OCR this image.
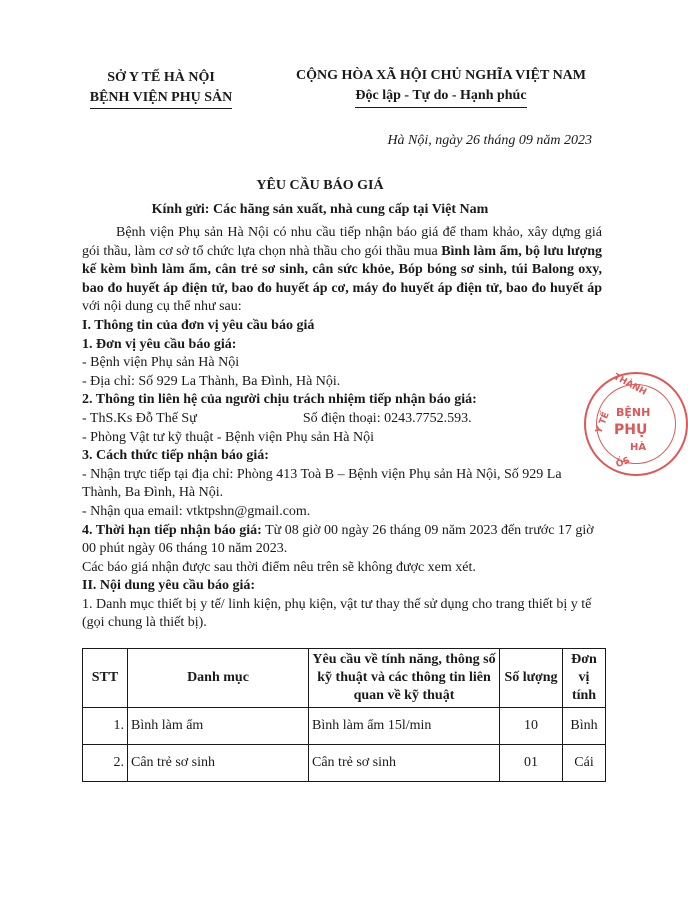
SỞ Y TẾ HÀ NỘI
BỆNH VIỆN PHỤ SẢN
CỘNG HÒA XÃ HỘI CHỦ NGHĨA VIỆT NAM
Độc lập - Tự do - Hạnh phúc
Hà Nội, ngày 26 tháng 09 năm 2023
YÊU CẦU BÁO GIÁ
Kính gửi: Các hãng sản xuất, nhà cung cấp tại Việt Nam

Bệnh viện Phụ sản Hà Nội có nhu cầu tiếp nhận báo giá để tham khảo, xây dựng giá gói thầu, làm cơ sở tổ chức lựa chọn nhà thầu cho gói thầu mua Bình làm ẩm, bộ lưu lượng kế kèm bình làm ẩm, cân trẻ sơ sinh, cân sức khỏe, Bóp bóng sơ sinh, túi Balong oxy, bao đo huyết áp điện tử, bao đo huyết áp cơ, máy đo huyết áp điện tử, bao đo huyết áp với nội dung cụ thể như sau:

I. Thông tin của đơn vị yêu cầu báo giá

1. Đơn vị yêu cầu báo giá:

- Bệnh viện Phụ sản Hà Nội

- Địa chỉ: Số 929 La Thành, Ba Đình, Hà Nội.

2. Thông tin liên hệ của người chịu trách nhiệm tiếp nhận báo giá:

- ThS.Ks Đỗ Thế Sự	Số điện thoại: 0243.7752.593.

- Phòng Vật tư kỹ thuật - Bệnh viện Phụ sản Hà Nội

3. Cách thức tiếp nhận báo giá:

- Nhận trực tiếp tại địa chỉ: Phòng 413 Toà B – Bệnh viện Phụ sản Hà Nội, Số 929 La Thành, Ba Đình, Hà Nội.

- Nhận qua email: vtktpshn@gmail.com.

4. Thời hạn tiếp nhận báo giá: Từ 08 giờ 00 ngày 26 tháng 09 năm 2023 đến trước 17 giờ 00 phút ngày 06 tháng 10 năm 2023.

Các báo giá nhận được sau thời điểm nêu trên sẽ không được xem xét.

II. Nội dung yêu cầu báo giá:

1. Danh mục thiết bị y tế/ linh kiện, phụ kiện, vật tư thay thế sử dụng cho trang thiết bị y tế (gọi chung là thiết bị).

STT	Danh mục	Yêu cầu về tính năng, thông số kỹ thuật và các thông tin liên quan về kỹ thuật	Số lượng	Đơn vị tính
1.	Bình làm ẩm	Bình làm ẩm 15l/min	10	Bình
2.	Cân trẻ sơ sinh	Cân trẻ sơ sinh	01	Cái
THÀNH
Y TẾ BỆNH
PHỤ
HÀ
ỐS
